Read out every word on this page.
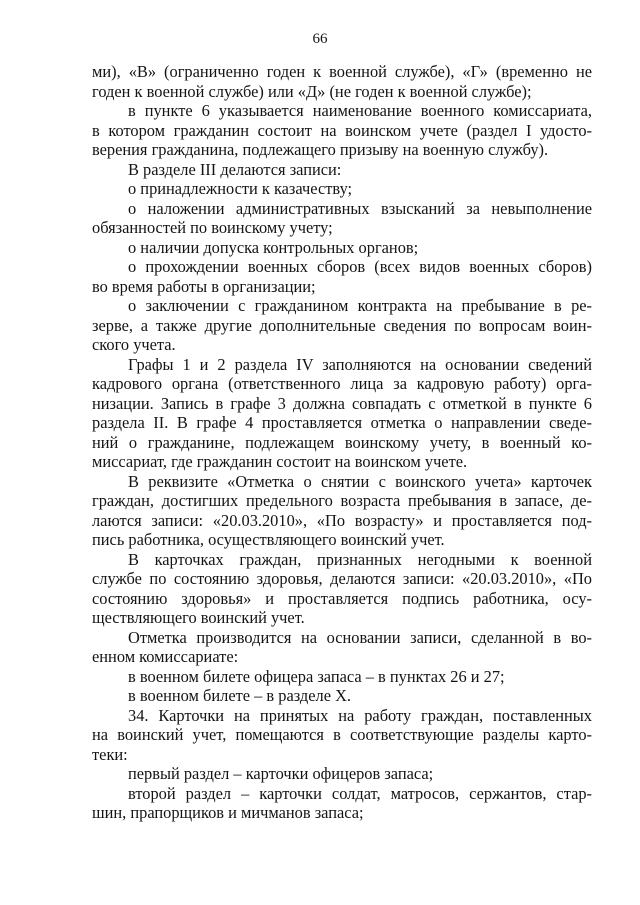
66
ми), «В» (ограниченно годен к военной службе), «Г» (временно не
годен к военной службе) или «Д» (не годен к военной службе);
в пункте 6 указывается наименование военного комиссариата,
в котором гражданин состоит на воинском учете (раздел I удосто-
верения гражданина, подлежащего призыву на военную службу).
В разделе III делаются записи:
о принадлежности к казачеству;
о наложении административных взысканий за невыполнение
обязанностей по воинскому учету;
о наличии допуска контрольных органов;
о прохождении военных сборов (всех видов военных сборов)
во время работы в организации;
о заключении с гражданином контракта на пребывание в ре-
зерве, а также другие дополнительные сведения по вопросам воин-
ского учета.
Графы 1 и 2 раздела IV заполняются на основании сведений
кадрового органа (ответственного лица за кадровую работу) орга-
низации. Запись в графе 3 должна совпадать с отметкой в пункте 6
раздела II. В графе 4 проставляется отметка о направлении сведе-
ний о гражданине, подлежащем воинскому учету, в военный ко-
миссариат, где гражданин состоит на воинском учете.
В реквизите «Отметка о снятии с воинского учета» карточек
граждан, достигших предельного возраста пребывания в запасе, де-
лаются записи: «20.03.2010», «По возрасту» и проставляется под-
пись работника, осуществляющего воинский учет.
В карточках граждан, признанных негодными к военной
службе по состоянию здоровья, делаются записи: «20.03.2010», «По
состоянию здоровья» и проставляется подпись работника, осу-
ществляющего воинский учет.
Отметка производится на основании записи, сделанной в во-
енном комиссариате:
в военном билете офицера запаса – в пунктах 26 и 27;
в военном билете – в разделе X.
34. Карточки на принятых на работу граждан, поставленных
на воинский учет, помещаются в соответствующие разделы карто-
теки:
первый раздел – карточки офицеров запаса;
второй раздел – карточки солдат, матросов, сержантов, стар-
шин, прапорщиков и мичманов запаса;
